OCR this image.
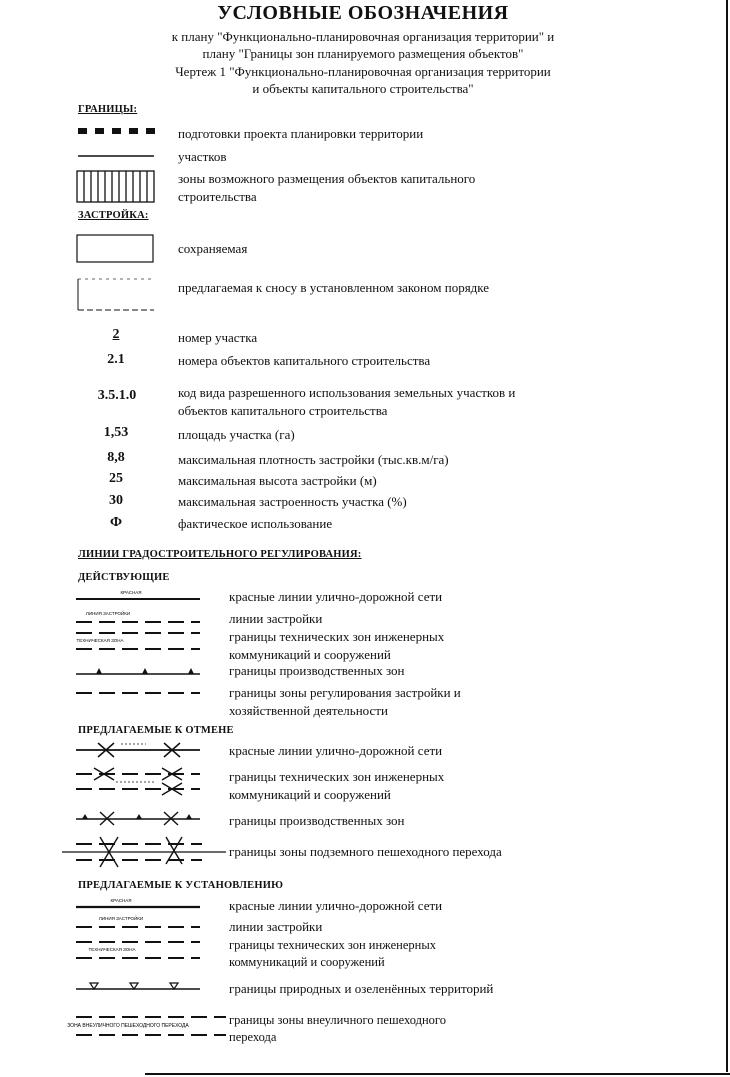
УСЛОВНЫЕ ОБОЗНАЧЕНИЯ
к плану "Функционально-планировочная организация территории" и
плану "Границы зон планируемого размещения объектов"
Чертеж 1 "Функционально-планировочная организация территории
и объекты капитального строительства"
ГРАНИЦЫ:
подготовки проекта планировки территории
участков
зоны возможного размещения объектов капитального строительства
ЗАСТРОЙКА:
сохраняемая
предлагаемая к сносу в установленном законом порядке
2	номер участка
2.1	номера объектов капитального строительства
3.5.1.0	код вида разрешенного использования земельных участков и объектов капитального строительства
1,53	площадь участка (га)
8,8	максимальная плотность застройки (тыс.кв.м/га)
25	максимальная высота застройки (м)
30	максимальная застроенность участка (%)
Ф	фактическое использование
ЛИНИИ ГРАДОСТРОИТЕЛЬНОГО РЕГУЛИРОВАНИЯ:
ДЕЙСТВУЮЩИЕ
КРАСНАЯ	красные линии улично-дорожной сети
ЛИНИЯ ЗАСТРОЙКИ	линии застройки
ТЕХНИЧЕСКАЯ ЗОНА	границы технических зон инженерных коммуникаций и сооружений
границы производственных зон
границы зоны регулирования застройки и хозяйственной деятельности
ПРЕДЛАГАЕМЫЕ К ОТМЕНЕ
красные линии улично-дорожной сети
границы технических зон инженерных коммуникаций и сооружений
границы производственных зон
границы зоны подземного пешеходного перехода
ПРЕДЛАГАЕМЫЕ К УСТАНОВЛЕНИЮ
КРАСНАЯ	красные линии улично-дорожной сети
ЛИНИЯ ЗАСТРОЙКИ
линии застройки
ТЕХНИЧЕСКАЯ ЗОНА	границы технических зон инженерных коммуникаций и сооружений
границы природных и озеленённых территорий
ЗОНА ВНЕУЛИЧНОГО ПЕШЕХОДНОГО ПЕРЕХОДА	границы зоны внеуличного пешеходного перехода
